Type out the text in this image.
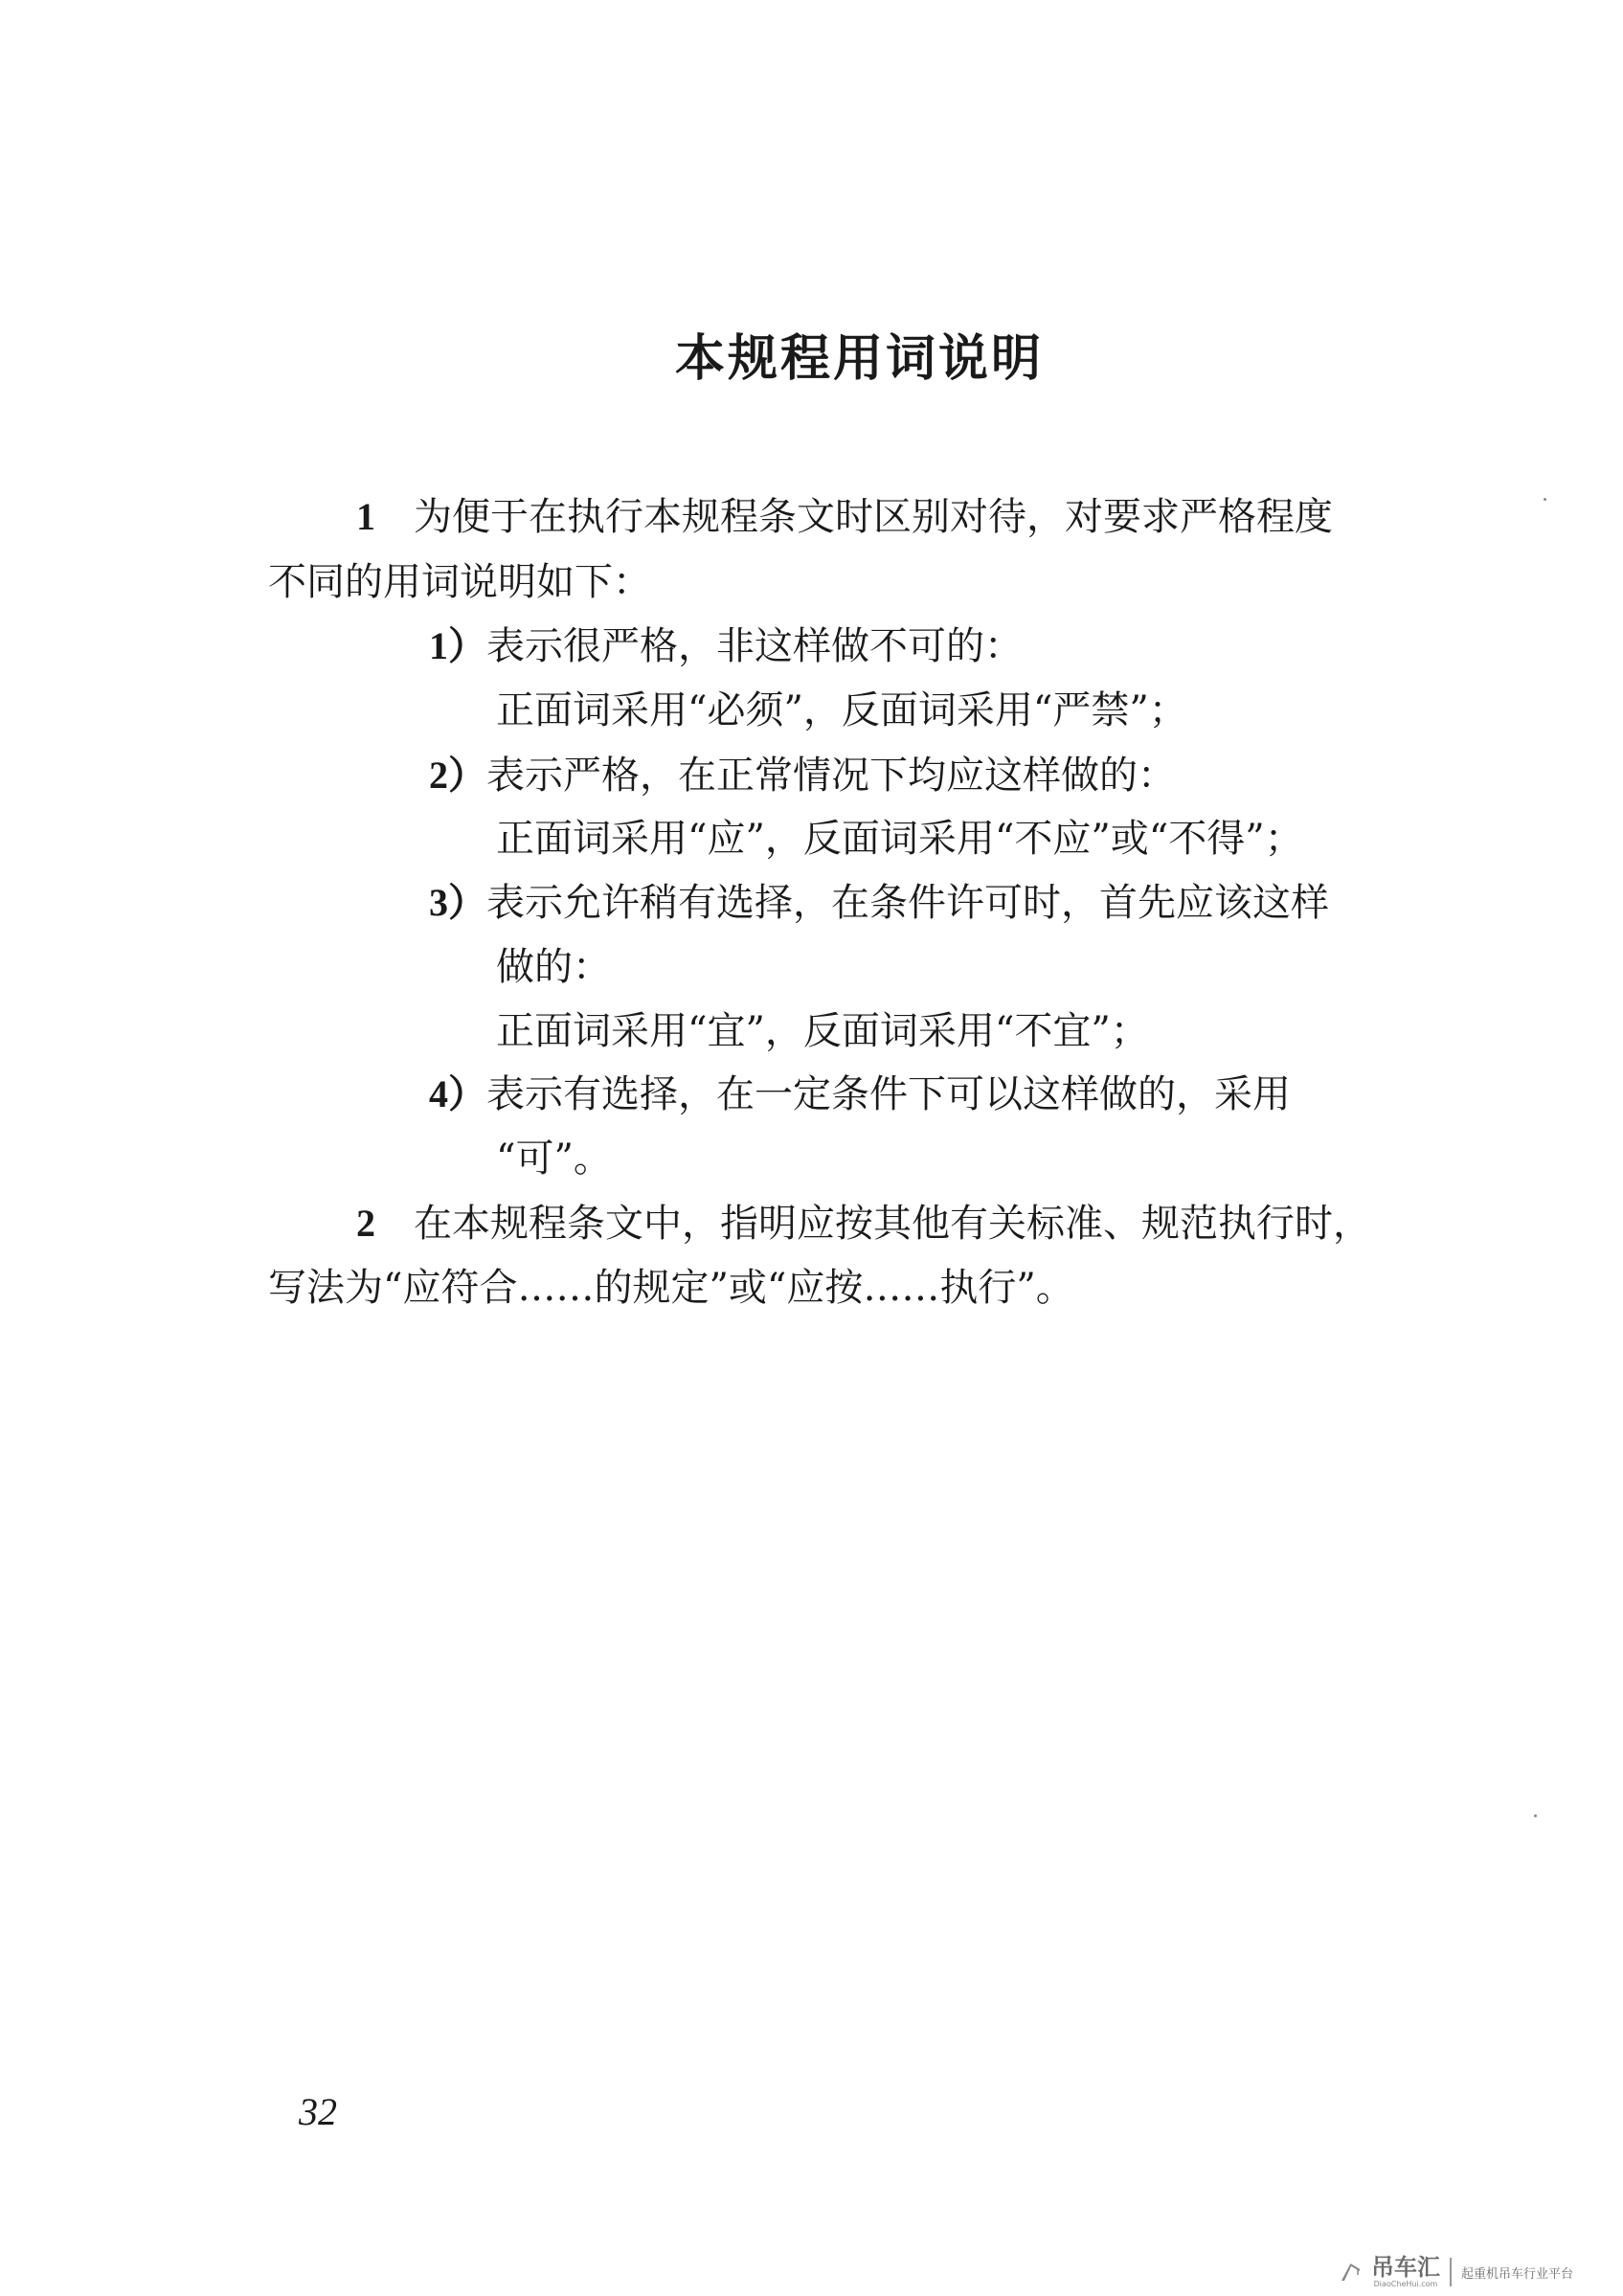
本规程用词说明
1 为便于在执行本规程条文时区别对待，对要求严格程度
不同的用词说明如下：
1）表示很严格，非这样做不可的：
正面词采用“必须”，反面词采用“严禁”；
2）表示严格，在正常情况下均应这样做的：
正面词采用“应”，反面词采用“不应”或“不得”；
3）表示允许稍有选择，在条件许可时，首先应该这样
做的：
正面词采用“宜”，反面词采用“不宜”；
4）表示有选择，在一定条件下可以这样做的，采用
“可”。
2 在本规程条文中，指明应按其他有关标准、规范执行时，
写法为“应符合……的规定”或“应按……执行”。
32
吊车汇
DiaoCheHui.com
起重机吊车行业平台
